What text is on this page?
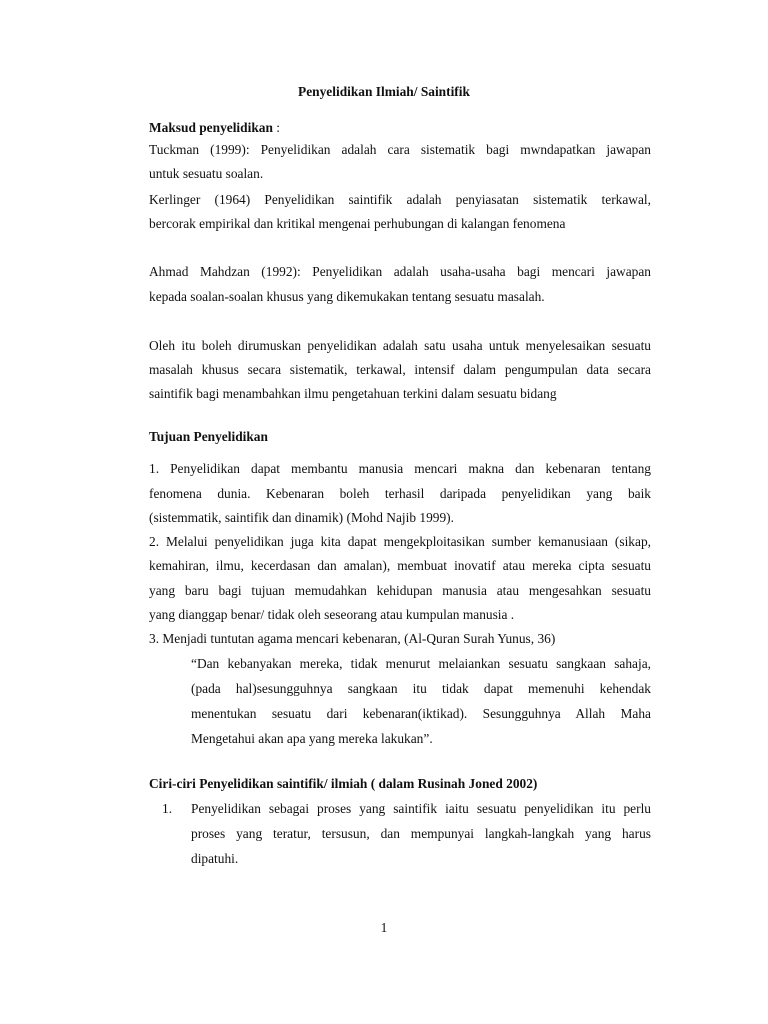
Penyelidikan Ilmiah/ Saintifik
Maksud penyelidikan :
Tuckman (1999): Penyelidikan adalah cara sistematik bagi mwndapatkan jawapan
untuk sesuatu soalan.
Kerlinger (1964) Penyelidikan saintifik adalah penyiasatan sistematik terkawal,
bercorak empirikal dan kritikal mengenai perhubungan di kalangan fenomena
Ahmad Mahdzan (1992): Penyelidikan adalah usaha-usaha bagi mencari jawapan
kepada soalan-soalan khusus yang dikemukakan tentang sesuatu masalah.
Oleh itu boleh dirumuskan penyelidikan adalah satu usaha untuk menyelesaikan sesuatu
masalah khusus secara sistematik, terkawal, intensif dalam pengumpulan data secara
saintifik bagi menambahkan ilmu pengetahuan terkini dalam sesuatu bidang
Tujuan Penyelidikan
1. Penyelidikan dapat membantu manusia mencari makna dan kebenaran tentang
fenomena dunia. Kebenaran boleh terhasil daripada penyelidikan yang baik
(sistemmatik, saintifik dan dinamik) (Mohd Najib 1999).
2. Melalui penyelidikan juga kita dapat mengekploitasikan sumber kemanusiaan (sikap,
kemahiran, ilmu, kecerdasan dan amalan), membuat inovatif atau mereka cipta sesuatu
yang baru bagi tujuan memudahkan kehidupan manusia atau mengesahkan sesuatu
yang dianggap benar/ tidak oleh seseorang atau kumpulan manusia .
3. Menjadi tuntutan agama mencari kebenaran, (Al-Quran Surah Yunus, 36)
“Dan kebanyakan mereka, tidak menurut melaiankan sesuatu sangkaan sahaja,
(pada hal)sesungguhnya sangkaan itu tidak dapat memenuhi kehendak
menentukan sesuatu dari kebenaran(iktikad). Sesungguhnya Allah Maha
Mengetahui akan apa yang mereka lakukan”.
Ciri-ciri Penyelidikan saintifik/ ilmiah ( dalam Rusinah Joned 2002)
1. Penyelidikan sebagai proses yang saintifik iaitu sesuatu penyelidikan itu perlu
proses yang teratur, tersusun, dan mempunyai langkah-langkah yang harus
dipatuhi.
1
